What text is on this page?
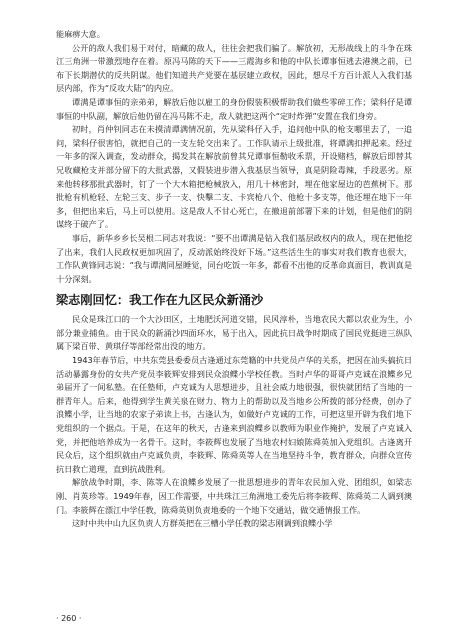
能麻痹大意。

公开的敌人我们易于对付，暗藏的敌人，往往会把我们骗了。解放初，无形战线上的斗争在珠江三角洲一带激烈地存在着。原冯马陈的天下——三霞海乡和他的中队长谭事恒逃去港澳之前，已布下长期潜伏的反共阴谋。他们知道共产党要在基层建立政权，因此，想尽千方百计派人入我们基层内部，作为“反攻大陆”的内应。

谭满是谭事恒的亲弟弟，解放后他以雇工的身份假装积极帮助我们做些零碎工作；梁科仔是谭事恒的中队副，解放后他仍留在冯马陈不走，敌人就把这两个“定时炸弹”安置在我们身旁。

初时，肖仲钊同志在未摸清谭满情况前，先从梁科仔入手，追问他中队的枪支哪里去了，一追问，梁科仔很害怕，就把自己的一支左轮交出来了。工作队请示上级批准，将谭满扣押起来。经过一年多的深入调查，发动群众，揭发其在解放前曾其兄谭事恒勒收禾票，开设赌档，解放后即替其兄收藏枪支并部分留下的大批武器，又假装进步潜入我基层当领导，真是阴险毒辣，手段恶劣。原来他转移那批武器时，钉了一个大木箱把枪械放入，用几十林密封，埋在他家屋边的芭蕉树下。那批枪有机枪轻、左轮三支、步子一支、快擊二支、卡宾枪八个、他枪十多支等，他还埋在地下一年多，但把出来后，马上可以使用。这是敌人不甘心死亡，在撤退前部署下来的计划，但是他们的阴谋终于破产了。

事后，新华乡乡长吴根二同志对我说：“要不出谭满是钻入我们基层政权内的敌人，现在把他挖了出来，我们人民政权更加巩固了，反动派始终没好下场。”这些活生生的事实对我们教育也很大，工作队黄锋同志说：“我与谭满同屋睡觉，同台吃饭一年多，都看不出他的反革命真面目，教训真是十分深刻。

梁志刚回忆：我工作在九区民众新涌沙

民众是珠江口的一个大沙田区，土地肥沃河道交错，民风淳朴，当地农民大都以农业为生，小部分兼业捕鱼。由于民众的新涌沙四面环水，易于出入，因此抗日战争时期成了国民党挺进三纵队属下梁百带、黄琪仔等部经常出没的地方。

1943年春节后，中共东莞县委委员古逢通过东莞籍的中共党员卢华的关系，把因在汕头搞抗日活动暴露身份的女共产党员李筱辉安排到民众浪鲽小学校任教。当时卢华的哥哥卢克诚在浪鲽乡兄弟届开了一间私塾。在任塾师，卢克诚为人思想进步，且社会威力地很强，很快就团结了当地的一群青年人。后来，他得到学生黄关泉在财力、物力上的帮助以及当地乡公所拨的部分经费，创办了浪鲽小学，让当地的农家子弟读上书，古逢认为，如做好卢克诚的工作，可把这里开辟为我们地下党组织的一个据点。于是，在这年的秋天，古逢来到浪鲽乡以教师为职业作掩护，发展了卢克诚入党，并把他培养成为一名骨干。这时，李筱辉也发展了当地农村妇娘陈舜英加入党组织。古逢离开民众后，这个组织就由卢克诚负责，李筱辉、陈舜英等人在当地坚持斗争，教育群众，向群众宣传抗日救亡道理，直到抗战胜利。

解放战争时期，李、陈等人在浪鲽乡发展了一批思想进步的青年农民加入党、团组织，如梁志刚、肖英珍等。1949年春，因工作需要，中共珠江三角洲地工委先后将李筱辉、陈舜英二人调到澳门。李筱辉在漂江中学任教，陈舜英则负责地委的一个地下交通站，做交通情报工作。

这时中共中山九区负责人方群英把在三槽小学任教的梁志刚调到浪鲽小学

· 260 ·
